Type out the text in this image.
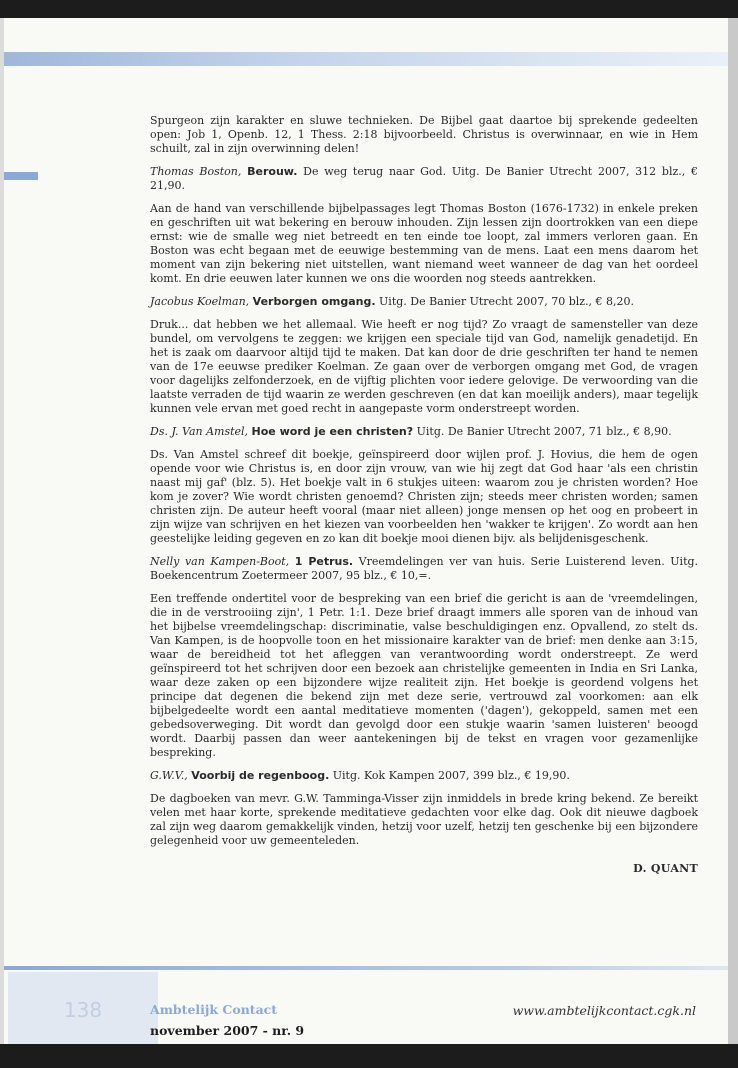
Spurgeon zijn karakter en sluwe technieken. De Bijbel gaat daartoe bij sprekende gedeelten open: Job 1, Openb. 12, 1 Thess. 2:18 bijvoorbeeld. Christus is overwinnaar, en wie in Hem schuilt, zal in zijn overwinning delen!

Thomas Boston, Berouw. De weg terug naar God. Uitg. De Banier Utrecht 2007, 312 blz., € 21,90.

Aan de hand van verschillende bijbelpassages legt Thomas Boston (1676-1732) in enkele preken en geschriften uit wat bekering en berouw inhouden. Zijn lessen zijn doortrokken van een diepe ernst: wie de smalle weg niet betreedt en ten einde toe loopt, zal immers verloren gaan. En Boston was echt begaan met de eeuwige bestemming van de mens. Laat een mens daarom het moment van zijn bekering niet uitstellen, want niemand weet wanneer de dag van het oordeel komt. En drie eeuwen later kunnen we ons die woorden nog steeds aantrekken.

Jacobus Koelman, Verborgen omgang. Uitg. De Banier Utrecht 2007, 70 blz., € 8,20.

Druk... dat hebben we het allemaal. Wie heeft er nog tijd? Zo vraagt de samensteller van deze bundel, om vervolgens te zeggen: we krijgen een speciale tijd van God, namelijk genadetijd. En het is zaak om daarvoor altijd tijd te maken. Dat kan door de drie geschriften ter hand te nemen van de 17e eeuwse prediker Koelman. Ze gaan over de verborgen omgang met God, de vragen voor dagelijks zelfonderzoek, en de vijftig plichten voor iedere gelovige. De verwoording van die laatste verraden de tijd waarin ze werden geschreven (en dat kan moeilijk anders), maar tegelijk kunnen vele ervan met goed recht in aangepaste vorm onderstreept worden.

Ds. J. Van Amstel, Hoe word je een christen? Uitg. De Banier Utrecht 2007, 71 blz., € 8,90.

Ds. Van Amstel schreef dit boekje, geïnspireerd door wijlen prof. J. Hovius, die hem de ogen opende voor wie Christus is, en door zijn vrouw, van wie hij zegt dat God haar 'als een christin naast mij gaf' (blz. 5). Het boekje valt in 6 stukjes uiteen: waarom zou je christen worden? Hoe kom je zover? Wie wordt christen genoemd? Christen zijn; steeds meer christen worden; samen christen zijn. De auteur heeft vooral (maar niet alleen) jonge mensen op het oog en probeert in zijn wijze van schrijven en het kiezen van voorbeelden hen 'wakker te krijgen'. Zo wordt aan hen geestelijke leiding gegeven en zo kan dit boekje mooi dienen bijv. als belijdenisgeschenk.

Nelly van Kampen-Boot, 1 Petrus. Vreemdelingen ver van huis. Serie Luisterend leven. Uitg. Boekencentrum Zoetermeer 2007, 95 blz., € 10,=.

Een treffende ondertitel voor de bespreking van een brief die gericht is aan de 'vreemdelingen, die in de verstrooiing zijn', 1 Petr. 1:1. Deze brief draagt immers alle sporen van de inhoud van het bijbelse vreemdelingschap: discriminatie, valse beschuldigingen enz. Opvallend, zo stelt ds. Van Kampen, is de hoopvolle toon en het missionaire karakter van de brief: men denke aan 3:15, waar de bereidheid tot het afleggen van verantwoording wordt onderstreept. Ze werd geïnspireerd tot het schrijven door een bezoek aan christelijke gemeenten in India en Sri Lanka, waar deze zaken op een bijzondere wijze realiteit zijn. Het boekje is geordend volgens het principe dat degenen die bekend zijn met deze serie, vertrouwd zal voorkomen: aan elk bijbelgedeelte wordt een aantal meditatieve momenten ('dagen'), gekoppeld, samen met een gebedsoverweging. Dit wordt dan gevolgd door een stukje waarin 'samen luisteren' beoogd wordt. Daarbij passen dan weer aantekeningen bij de tekst en vragen voor gezamenlijke bespreking.

G.W.V., Voorbij de regenboog. Uitg. Kok Kampen 2007, 399 blz., € 19,90.

De dagboeken van mevr. G.W. Tamminga-Visser zijn inmiddels in brede kring bekend. Ze bereikt velen met haar korte, sprekende meditatieve gedachten voor elke dag. Ook dit nieuwe dagboek zal zijn weg daarom gemakkelijk vinden, hetzij voor uzelf, hetzij ten geschenke bij een bijzondere gelegenheid voor uw gemeenteleden.

D. QUANT
138	Ambtelijk Contact
november 2007 - nr. 9
www.ambtelijkcontact.cgk.nl
